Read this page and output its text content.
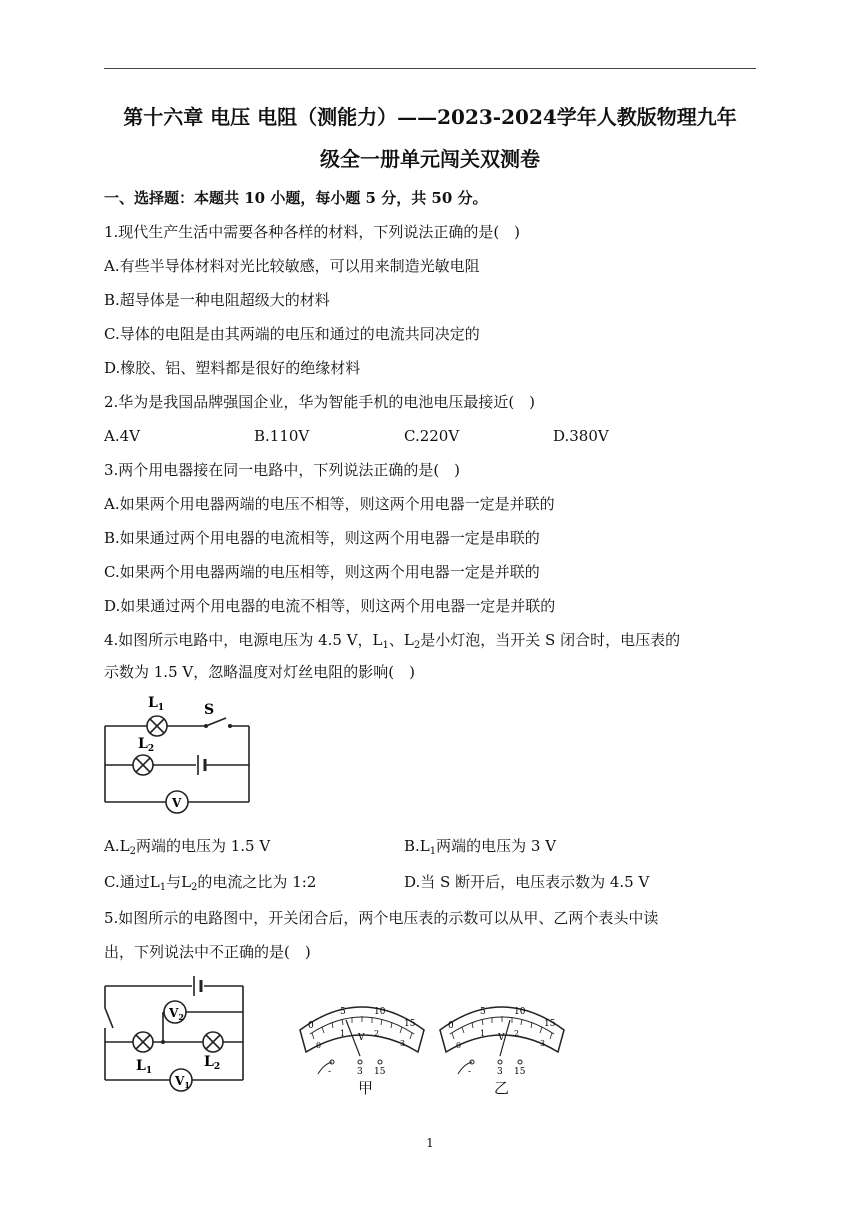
第十六章 电压 电阻（测能力）——2023-2024学年人教版物理九年
级全一册单元闯关双测卷
一、选择题：本题共 10 小题，每小题 5 分，共 50 分。
1.现代生产生活中需要各种各样的材料，下列说法正确的是(　)
A.有些半导体材料对光比较敏感，可以用来制造光敏电阻
B.超导体是一种电阻超级大的材料
C.导体的电阻是由其两端的电压和通过的电流共同决定的
D.橡胶、铝、塑料都是很好的绝缘材料
2.华为是我国品牌强国企业，华为智能手机的电池电压最接近(　)
A.4V	B.110V	C.220V	D.380V
3.两个用电器接在同一电路中，下列说法正确的是(　)
A.如果两个用电器两端的电压不相等，则这两个用电器一定是并联的
B.如果通过两个用电器的电流相等，则这两个用电器一定是串联的
C.如果两个用电器两端的电压相等，则这两个用电器一定是并联的
D.如果通过两个用电器的电流不相等，则这两个用电器一定是并联的
4.如图所示电路中，电源电压为 4.5 V，$L_1$、$L_2$是小灯泡，当开关 S 闭合时，电压表的
示数为 1.5 V，忽略温度对灯丝电阻的影响(　)
$L_1$
$L_2$
S
V
$A.L_2$两端的电压为 1.5 V	$B.L_1$两端的电压为 3 V
C.通过$L_1$与$L_2$的电流之比为 1:2	D.当 S 断开后，电压表示数为 4.5 V
5.如图所示的电路图中，开关闭合后，两个电压表的示数可以从甲、乙两个表头中读
出，下列说法中不正确的是(　)
$V_2$
$V_1$
$L_1$
$L_2$
0
5	10
15
0
1	2
3
V
-	3 15
甲
0
5	10
15
0
1	2
3
V
-	3 15
乙
1
